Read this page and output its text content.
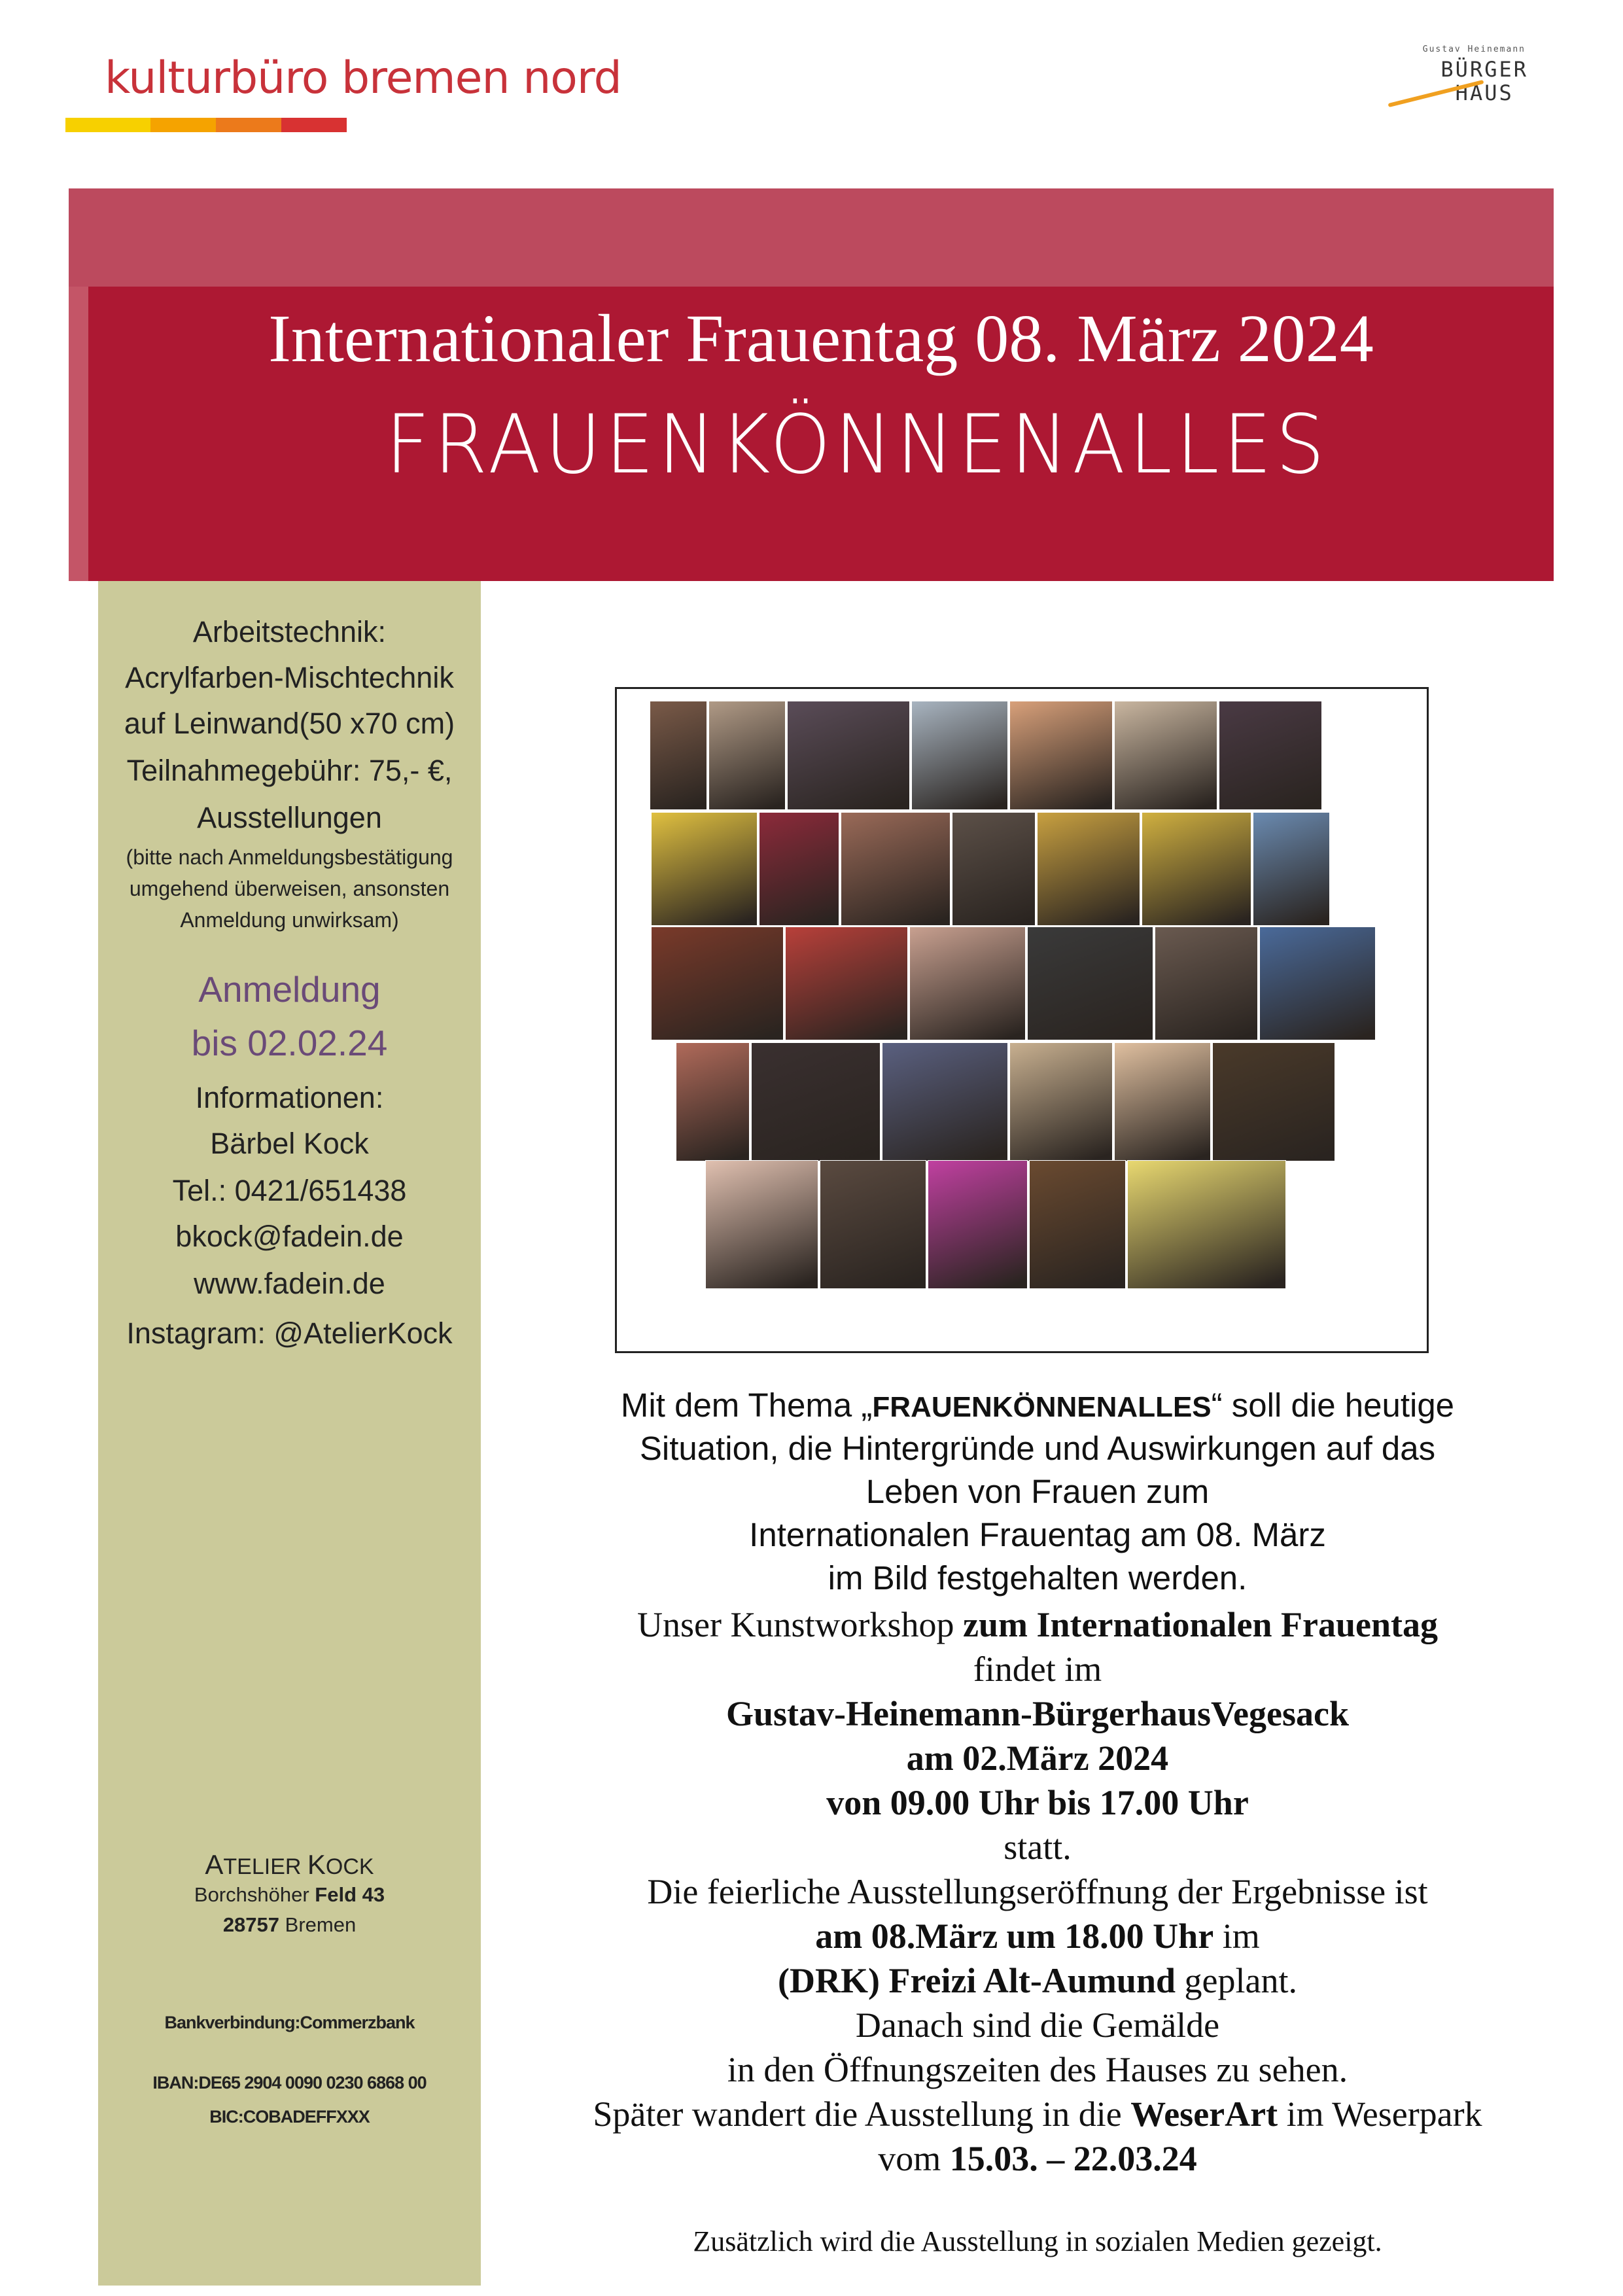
kulturbüro bremen nord
Gustav Heinemann
BÜRGER
HAUS
Internationaler Frauentag 08. März 2024
FRAUENKÖNNENALLES
Arbeitstechnik:
Acrylfarben-Mischtechnik
auf Leinwand(50 x70 cm)
Teilnahmegebühr: 75,- €,
Ausstellungen
(bitte nach Anmeldungsbestätigung
umgehend überweisen, ansonsten
Anmeldung unwirksam)
Anmeldung
bis 02.02.24
Informationen:
Bärbel Kock
Tel.: 0421/651438
bkock@fadein.de
www.fadein.de
Instagram: @AtelierKock
ATELIER KOCK
Borchshöher Feld 43
28757 Bremen
Bankverbindung:Commerzbank
IBAN:DE65 2904 0090 0230 6868 00
BIC:COBADEFFXXX
Mit dem Thema „FRAUENKÖNNENALLES“ soll die heutige
Situation, die Hintergründe und Auswirkungen auf das
Leben von Frauen zum
Internationalen Frauentag am 08. März
im Bild festgehalten werden.
Unser Kunstworkshop zum Internationalen Frauentag
findet im
Gustav-Heinemann-BürgerhausVegesack
am 02.März 2024
von 09.00 Uhr bis 17.00 Uhr
statt.
Die feierliche Ausstellungseröffnung der Ergebnisse ist
am 08.März um 18.00 Uhr im
(DRK) Freizi Alt-Aumund geplant.
Danach sind die Gemälde
in den Öffnungszeiten des Hauses zu sehen.
Später wandert die Ausstellung in die WeserArt im Weserpark
vom 15.03. – 22.03.24
Zusätzlich wird die Ausstellung in sozialen Medien gezeigt.
